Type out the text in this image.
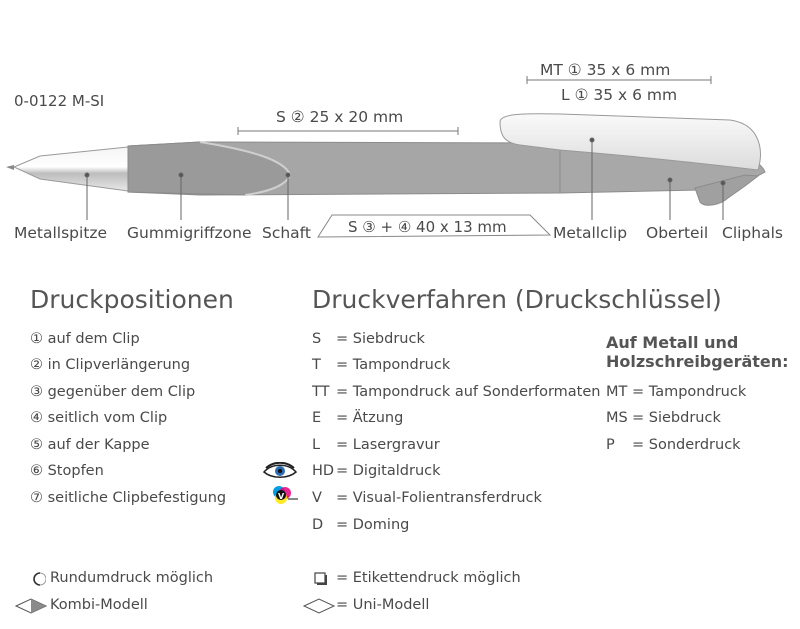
0-0122 M-SI
MT ① 35 x 6 mm
L ① 35 x 6 mm
S ② 25 x 20 mm
S ③ + ④ 40 x 13 mm
Metallspitze Gummigriffzone Schaft	Metallclip Oberteil Cliphals
Druckpositionen	Druckverfahren (Druckschlüssel)
① auf dem Clip
② in Clipverlängerung
③ gegenüber dem Clip
④ seitlich vom Clip
⑤ auf der Kappe
⑥ Stopfen
⑦ seitliche Clipbefestigung
S = Siebdruck
T = Tampondruck
TT = Tampondruck auf Sonderformaten
E = Ätzung
L = Lasergravur
HD = Digitaldruck
V = Visual-Folientransferdruck
D = Doming
V
Auf Metall und
Holzschreibgeräten:
MT = Tampondruck
MS = Siebdruck
P = Sonderdruck
Rundumdruck möglich	= Etikettendruck möglich
Kombi-Modell	= Uni-Modell
